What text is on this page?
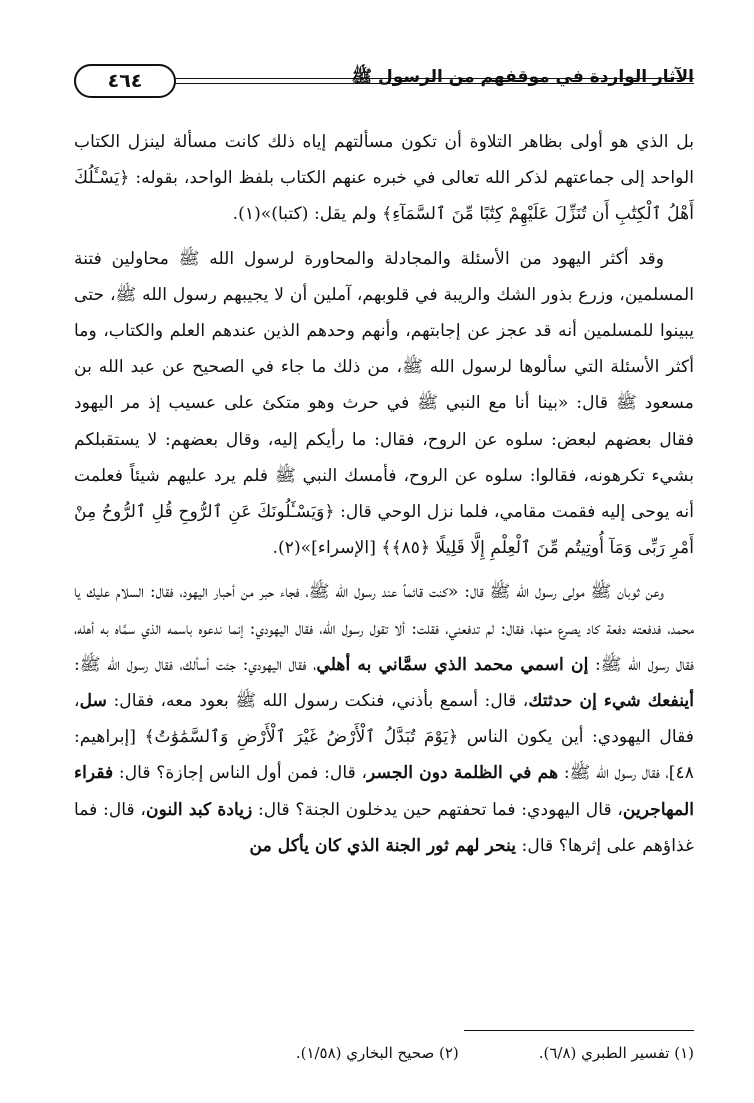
الآثار الواردة في موقفهم من الرسول ﷺ
٤٦٤

بل الذي هو أولى بظاهر التلاوة أن تكون مسألتهم إياه ذلك كانت مسألة لينزل الكتاب الواحد إلى جماعتهم لذكر الله تعالى في خبره عنهم الكتاب بلفظ الواحد، بقوله: ﴿يَسْـَٔلُكَ أَهْلُ ٱلْكِتَٰبِ أَن تُنَزِّلَ عَلَيْهِمْ كِتَٰبًا مِّنَ ٱلسَّمَآءِ﴾ ولم يقل: (كتبا)»(١).

وقد أكثر اليهود من الأسئلة والمجادلة والمحاورة لرسول الله ﷺ محاولين فتنة المسلمين، وزرع بذور الشك والريبة في قلوبهم، آملين أن لا يجيبهم رسول الله ﷺ، حتى يبينوا للمسلمين أنه قد عجز عن إجابتهم، وأنهم وحدهم الذين عندهم العلم والكتاب، وما أكثر الأسئلة التي سألوها لرسول الله ﷺ، من ذلك ما جاء في الصحيح عن عبد الله بن مسعود ﷺ قال: «بينا أنا مع النبي ﷺ في حرث وهو متكئ على عسيب إذ مر اليهود فقال بعضهم لبعض: سلوه عن الروح، فقال: ما رأيكم إليه، وقال بعضهم: لا يستقبلكم بشيء تكرهونه، فقالوا: سلوه عن الروح، فأمسك النبي ﷺ فلم يرد عليهم شيئاً فعلمت أنه يوحى إليه فقمت مقامي، فلما نزل الوحي قال: ﴿وَيَسْـَٔلُونَكَ عَنِ ٱلرُّوحِ قُلِ ٱلرُّوحُ مِنْ أَمْرِ رَبِّى وَمَآ أُوتِيتُم مِّنَ ٱلْعِلْمِ إِلَّا قَلِيلًا ﴿٨٥﴾﴾ [الإسراء]»(٢).

وعن ثوبان ﷺ مولى رسول الله ﷺ قال: «كنت قائماً عند رسول الله ﷺ، فجاء حبر من أحبار اليهود، فقال: السلام عليك يا محمد، فدفعته دفعة كاد يصرع منها، فقال: لم تدفعني، فقلت: ألا تقول رسول الله، فقال اليهودي: إنما ندعوه باسمه الذي سمَّاه به أهله، فقال رسول الله ﷺ: إن اسمي محمد الذي سمَّاني به أهلي، فقال اليهودي: جئت أسألك، فقال رسول الله ﷺ: أينفعك شيء إن حدثتك، قال: أسمع بأذني، فنكت رسول الله ﷺ بعود معه، فقال: سل، فقال اليهودي: أين يكون الناس ﴿يَوْمَ تُبَدَّلُ ٱلْأَرْضُ غَيْرَ ٱلْأَرْضِ وَٱلسَّمَٰوَٰتُ﴾ [إبراهيم: ٤٨]، فقال رسول الله ﷺ: هم في الظلمة دون الجسر، قال: فمن أول الناس إجازة؟ قال: فقراء المهاجرين، قال اليهودي: فما تحفتهم حين يدخلون الجنة؟ قال: زيادة كبد النون، قال: فما غذاؤهم على إثرها؟ قال: ينحر لهم ثور الجنة الذي كان يأكل من

(١) تفسير الطبري (٦/٨).
(٢) صحيح البخاري (١/٥٨).
